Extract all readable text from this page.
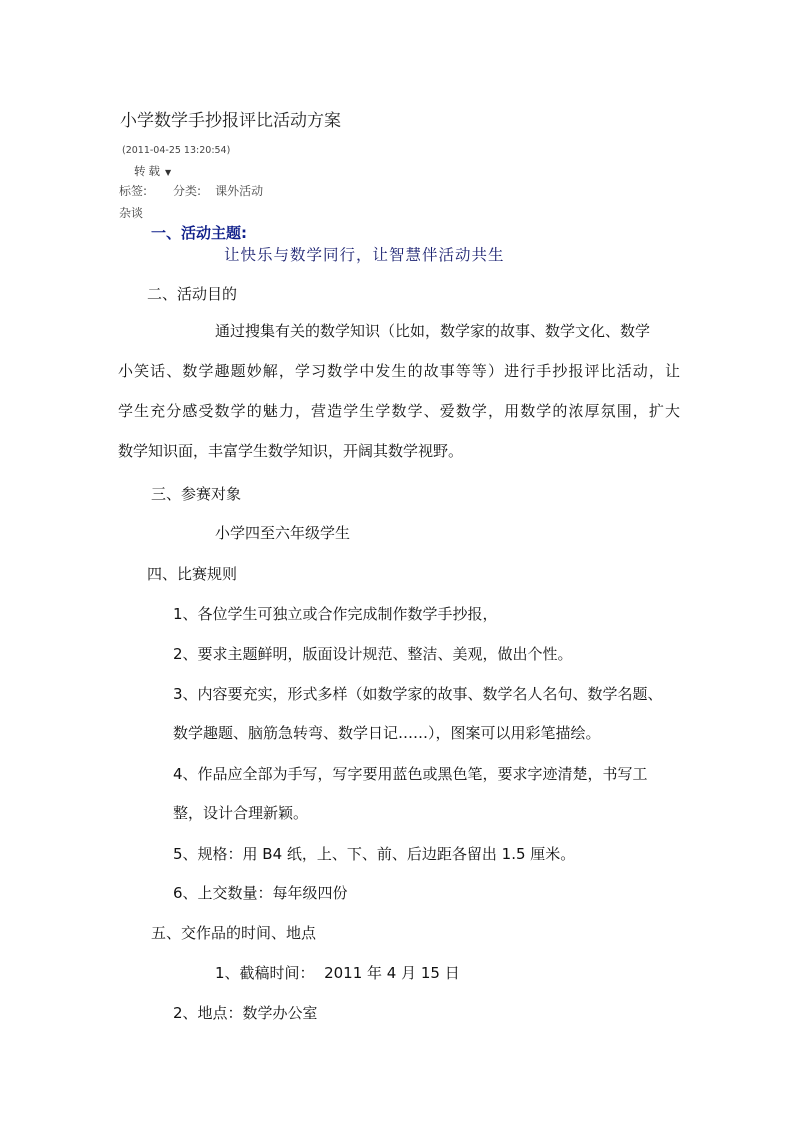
小学数学手抄报评比活动方案
(2011-04-25 13:20:54)
转载 ▼
标签: 分类: 课外活动
杂谈
一、活动主题:
让快乐与数学同行，让智慧伴活动共生
二、活动目的
通过搜集有关的数学知识（比如，数学家的故事、数学文化、数学
小笑话、数学趣题妙解，学习数学中发生的故事等等）进行手抄报评比活动，让
学生充分感受数学的魅力，营造学生学数学、爱数学，用数学的浓厚氛围，扩大
数学知识面，丰富学生数学知识，开阔其数学视野。
三、参赛对象
小学四至六年级学生
四、比赛规则
1、各位学生可独立或合作完成制作数学手抄报，
2、要求主题鲜明，版面设计规范、整洁、美观，做出个性。
3、内容要充实，形式多样（如数学家的故事、数学名人名句、数学名题、
数学趣题、脑筋急转弯、数学日记……），图案可以用彩笔描绘。
4、作品应全部为手写，写字要用蓝色或黑色笔，要求字迹清楚，书写工
整，设计合理新颖。
5、规格：用 B4 纸，上、下、前、后边距各留出 1.5 厘米。
6、上交数量：每年级四份
五、交作品的时间、地点
1、截稿时间：  2011 年 4 月 15 日
2、地点：数学办公室
